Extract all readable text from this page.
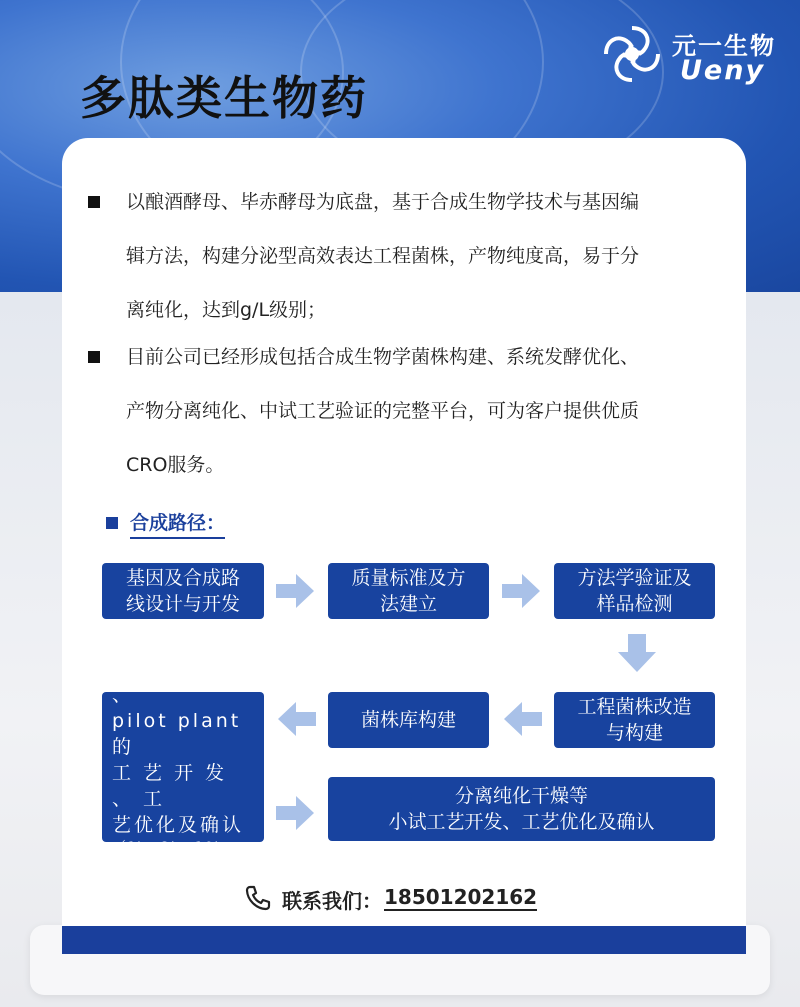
多肽类生物药
元一生物
Ueny
以酿酒酵母、毕赤酵母为底盘，基于合成生物学技术与基因编
辑方法，构建分泌型高效表达工程菌株，产物纯度高，易于分
离纯化，达到g/L级别；
目前公司已经形成包括合成生物学菌株构建、系统发酵优化、
产物分离纯化、中试工艺验证的完整平台，可为客户提供优质
CRO服务。
合成路径：
基因及合成路
线设计与开发
质量标准及方
法建立
方法学验证及
样品检测
工程菌株改造
与构建
菌株库构建
发 酵 小 试 、
pilot plant的
工 艺 开 发 、 工
艺优化及确认
（1L、2L、10L、
50L、500L）
分离纯化干燥等
小试工艺开发、工艺优化及确认
联系我们： 18501202162
